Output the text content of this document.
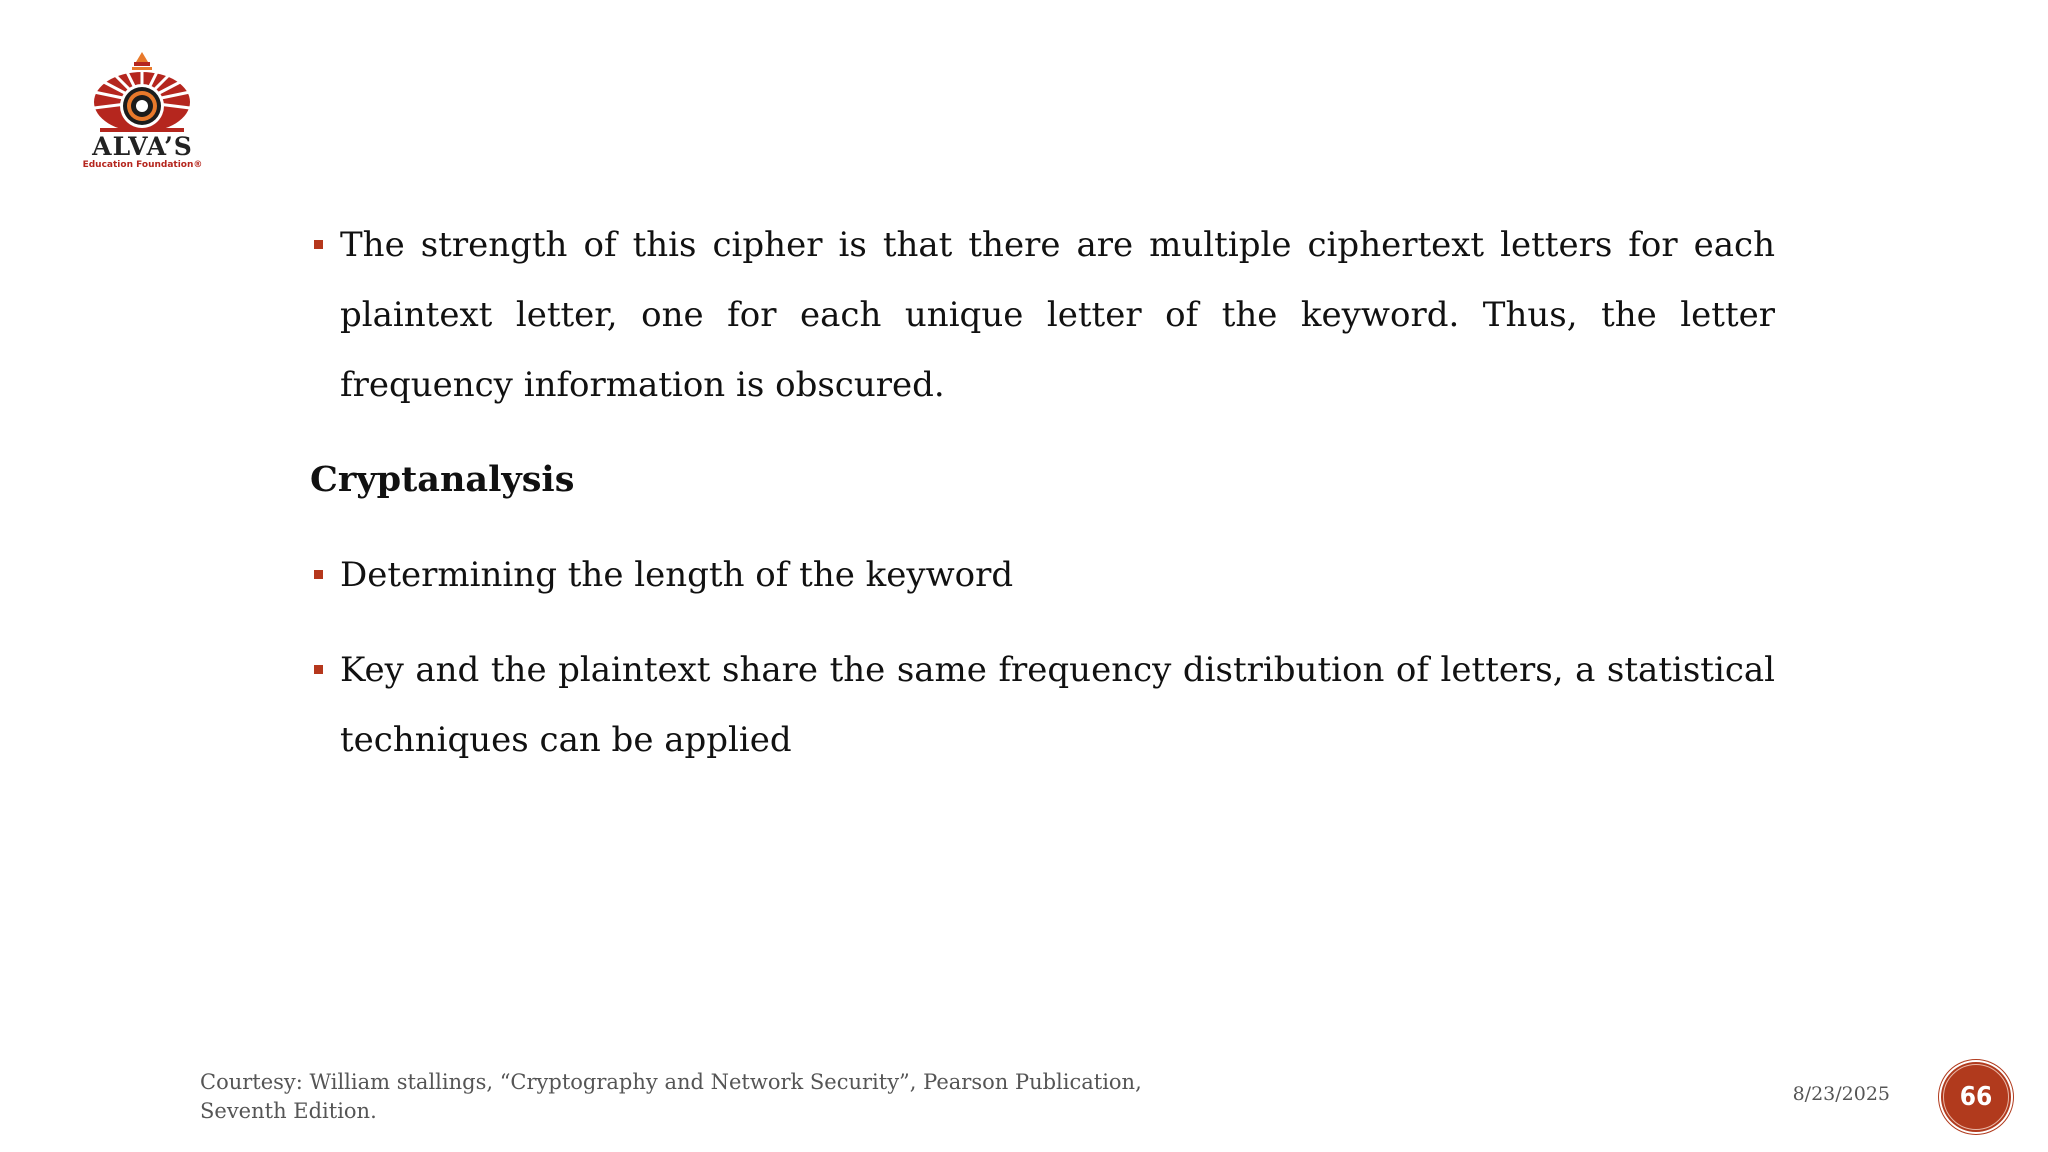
ALVA’S
Education Foundation®
The strength of this cipher is that there are multiple ciphertext letters for each plaintext letter, one for each unique letter of the keyword. Thus, the letter frequency information is obscured.
Cryptanalysis
Determining the length of the keyword
Key and the plaintext share the same frequency distribution of letters, a statistical techniques can be applied
Courtesy: William stallings, “Cryptography and Network Security”, Pearson Publication,
Seventh Edition.
8/23/2025	66
